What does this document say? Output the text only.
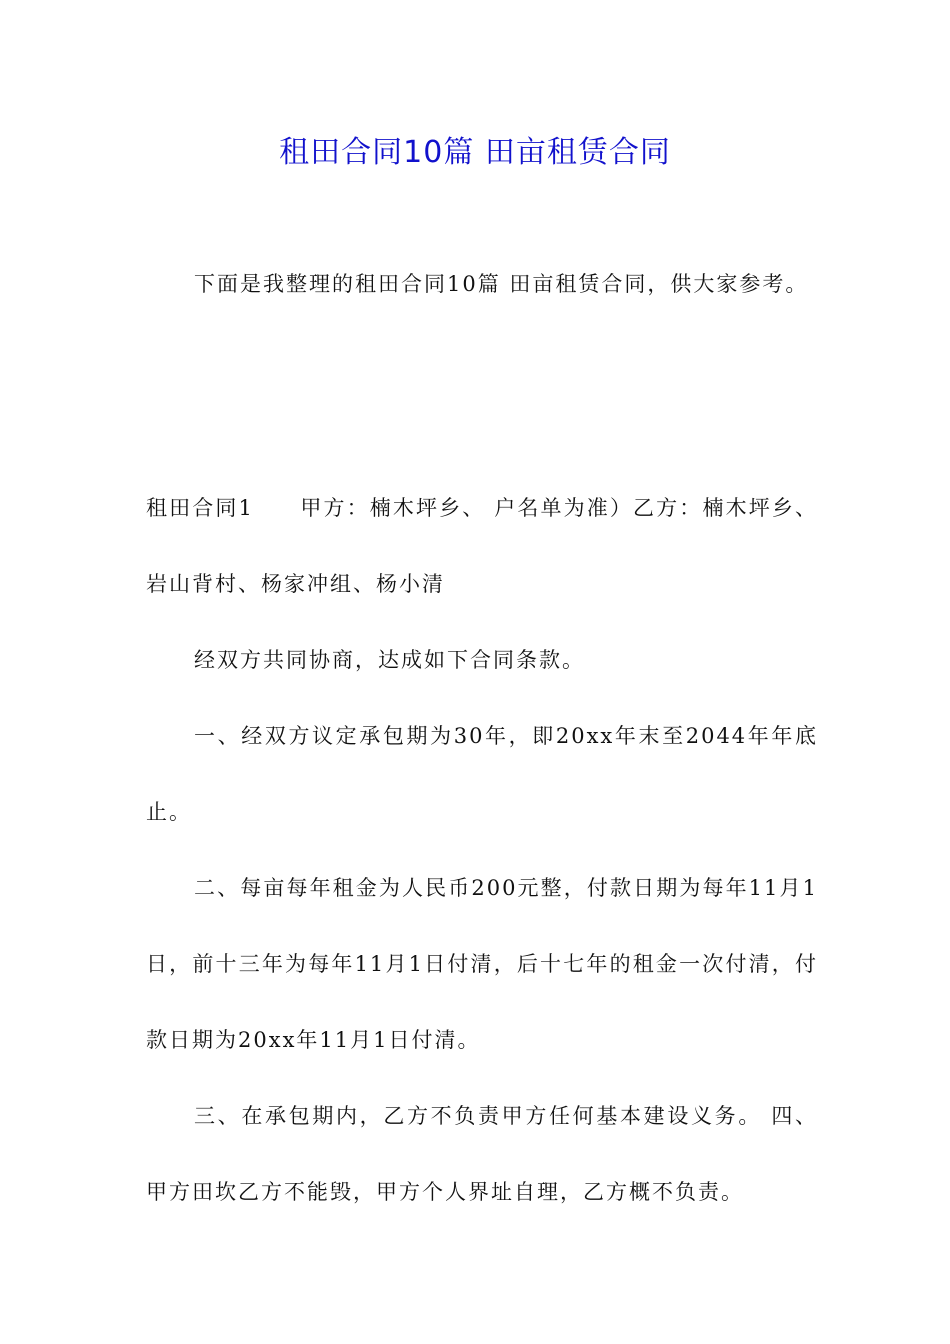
租田合同10篇 田亩租赁合同

下面是我整理的租田合同10篇 田亩租赁合同，供大家参考。

租田合同1　　甲方：楠木坪乡、 户名单为准）乙方：楠木坪乡、岩山背村、杨家冲组、杨小清

经双方共同协商，达成如下合同条款。

一、经双方议定承包期为30年，即20xx年末至2044年年底止。

二、每亩每年租金为人民币200元整，付款日期为每年11月1日，前十三年为每年11月1日付清，后十七年的租金一次付清，付款日期为20xx年11月1日付清。

三、在承包期内，乙方不负责甲方任何基本建设义务。 四、甲方田坎乙方不能毁，甲方个人界址自理，乙方概不负责。
